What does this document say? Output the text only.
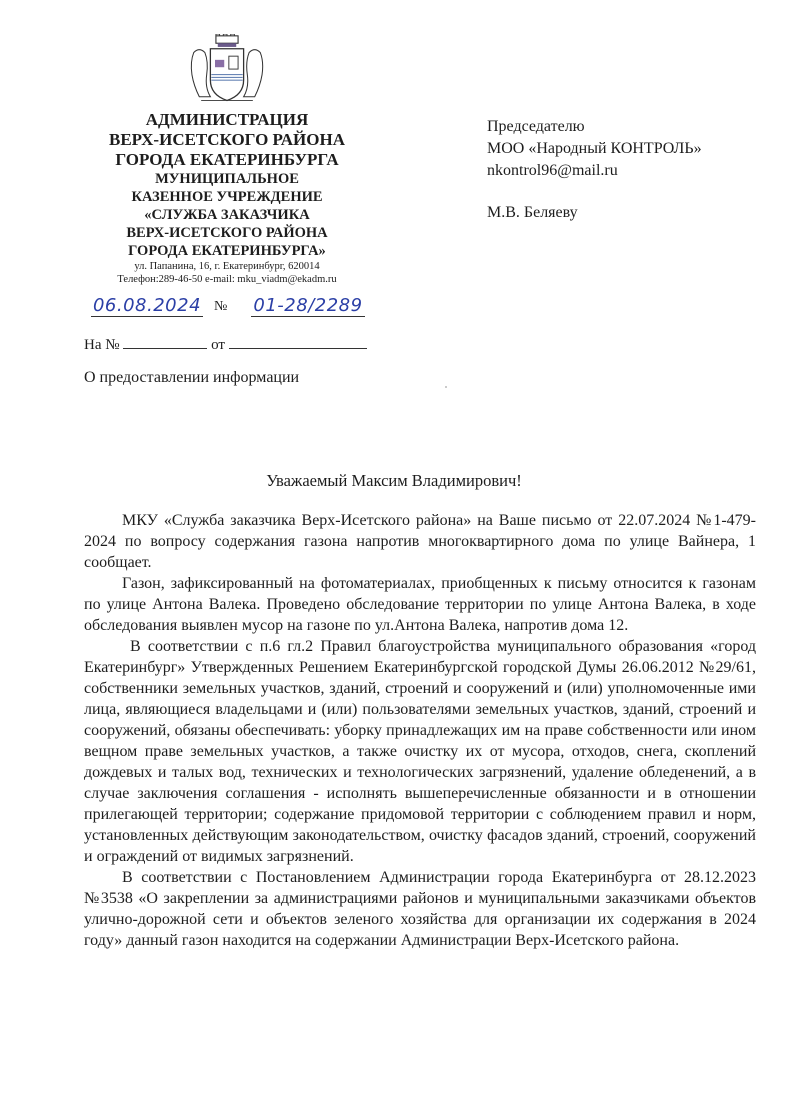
АДМИНИСТРАЦИЯ
ВЕРХ-ИСЕТСКОГО РАЙОНА
ГОРОДА ЕКАТЕРИНБУРГА
МУНИЦИПАЛЬНОЕ
КАЗЕННОЕ УЧРЕЖДЕНИЕ
«СЛУЖБА ЗАКАЗЧИКА
ВЕРХ-ИСЕТСКОГО РАЙОНА
ГОРОДА ЕКАТЕРИНБУРГА»
ул. Папанина, 16, г. Екатеринбург, 620014
Телефон:289-46-50 e-mail: mku_viadm@ekadm.ru
06.08.2024 №	01-28/2289
На №	от
О предоставлении информации
Председателю
МОО «Народный КОНТРОЛЬ»
nkontrol96@mail.ru
М.В. Беляеву
Уважаемый Максим Владимирович!

МКУ «Служба заказчика Верх-Исетского района» на Ваше письмо от 22.07.2024 №1-479-2024 по вопросу содержания газона напротив многоквартирного дома по улице Вайнера, 1 сообщает.

Газон, зафиксированный на фотоматериалах, приобщенных к письму относится к газонам по улице Антона Валека. Проведено обследование территории по улице Антона Валека, в ходе обследования выявлен мусор на газоне по ул.Антона Валека, напротив дома 12.

В соответствии с п.6 гл.2 Правил благоустройства муниципального образования «город Екатеринбург» Утвержденных Решением Екатеринбургской городской Думы 26.06.2012 №29/61, собственники земельных участков, зданий, строений и сооружений и (или) уполномоченные ими лица, являющиеся владельцами и (или) пользователями земельных участков, зданий, строений и сооружений, обязаны обеспечивать: уборку принадлежащих им на праве собственности или ином вещном праве земельных участков, а также очистку их от мусора, отходов, снега, скоплений дождевых и талых вод, технических и технологических загрязнений, удаление обледенений, а в случае заключения соглашения - исполнять вышеперечисленные обязанности и в отношении прилегающей территории; содержание придомовой территории с соблюдением правил и норм, установленных действующим законодательством, очистку фасадов зданий, строений, сооружений и ограждений от видимых загрязнений.

В соответствии с Постановлением Администрации города Екатеринбурга от 28.12.2023 №3538 «О закреплении за администрациями районов и муниципальными заказчиками объектов улично-дорожной сети и объектов зеленого хозяйства для организации их содержания в 2024 году» данный газон находится на содержании Администрации Верх-Исетского района.
